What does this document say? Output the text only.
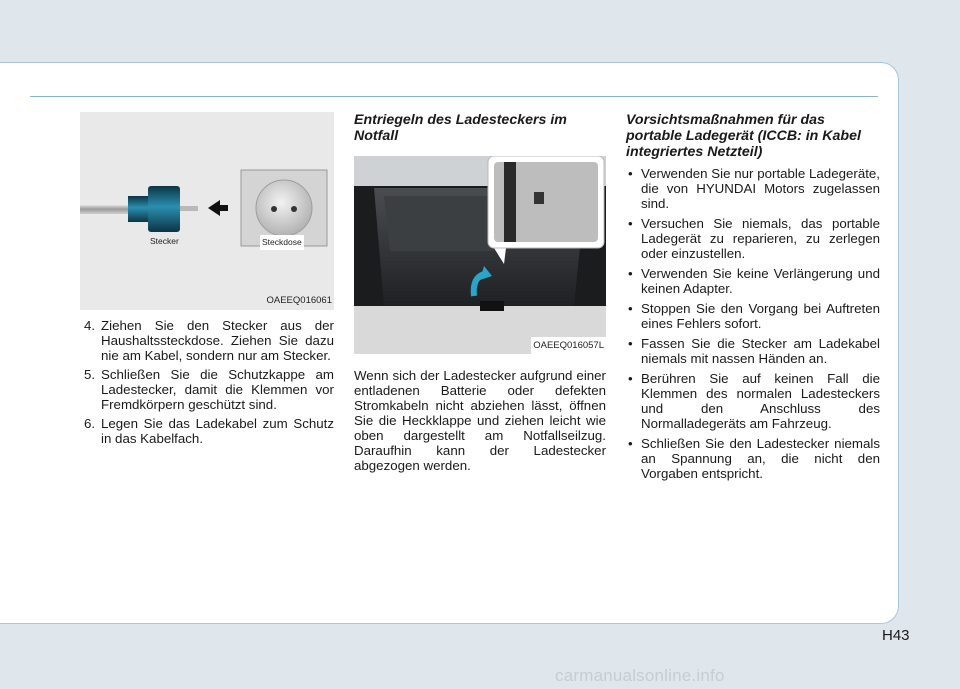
Stecker	Steckdose
OAEEQ016061
4. Ziehen Sie den Stecker aus der Haushaltssteckdose. Ziehen Sie dazu nie am Kabel, sondern nur am Stecker.
5. Schließen Sie die Schutzkappe am Ladestecker, damit die Klemmen vor Fremdkörpern geschützt sind.
6. Legen Sie das Ladekabel zum Schutz in das Kabelfach.
Entriegeln des Ladesteckers im Notfall
OAEEQ016057L

Wenn sich der Ladestecker aufgrund einer entladenen Batterie oder defekten Stromkabeln nicht abziehen lässt, öffnen Sie die Heckklappe und ziehen leicht wie oben dargestellt am Notfallseilzug. Daraufhin kann der Ladestecker abgezogen werden.

Vorsichtsmaßnahmen für das portable Ladegerät (ICCB: in Kabel integriertes Netzteil)
• Verwenden Sie nur portable Ladegeräte, die von HYUNDAI Motors zugelassen sind.
• Versuchen Sie niemals, das portable Ladegerät zu reparieren, zu zerlegen oder einzustellen.
• Verwenden Sie keine Verlängerung und keinen Adapter.
• Stoppen Sie den Vorgang bei Auftreten eines Fehlers sofort.
• Fassen Sie die Stecker am Ladekabel niemals mit nassen Händen an.
• Berühren Sie auf keinen Fall die Klemmen des normalen Ladesteckers und den Anschluss des Normalladegeräts am Fahrzeug.
• Schließen Sie den Ladestecker niemals an Spannung an, die nicht den Vorgaben entspricht.
H43
carmanualsonline.info
